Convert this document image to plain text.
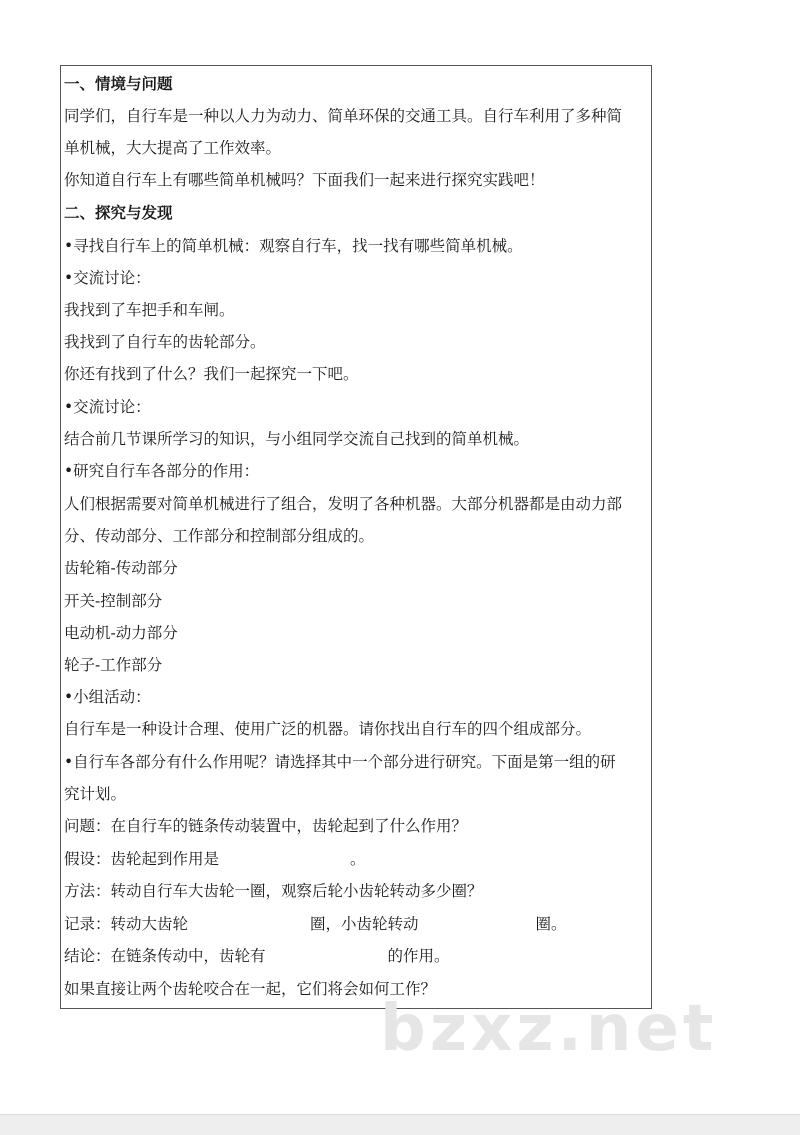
一、情境与问题
同学们，自行车是一种以人力为动力、简单环保的交通工具。自行车利用了多种简
单机械，大大提高了工作效率。
你知道自行车上有哪些简单机械吗？下面我们一起来进行探究实践吧！
二、探究与发现
•寻找自行车上的简单机械：观察自行车，找一找有哪些简单机械。
•交流讨论：
我找到了车把手和车闸。
我找到了自行车的齿轮部分。
你还有找到了什么？我们一起探究一下吧。
•交流讨论：
结合前几节课所学习的知识，与小组同学交流自己找到的简单机械。
•研究自行车各部分的作用：
人们根据需要对简单机械进行了组合，发明了各种机器。大部分机器都是由动力部
分、传动部分、工作部分和控制部分组成的。
齿轮箱-传动部分
开关-控制部分
电动机-动力部分
轮子-工作部分
•小组活动：
自行车是一种设计合理、使用广泛的机器。请你找出自行车的四个组成部分。
•自行车各部分有什么作用呢？请选择其中一个部分进行研究。下面是第一组的研
究计划。
问题：在自行车的链条传动装置中，齿轮起到了什么作用？
假设：齿轮起到作用是	。
方法：转动自行车大齿轮一圈，观察后轮小齿轮转动多少圈？
记录：转动大齿轮	圈，小齿轮转动	圈。
结论：在链条传动中，齿轮有	的作用。
如果直接让两个齿轮咬合在一起，它们将会如何工作？
bzxz.net
